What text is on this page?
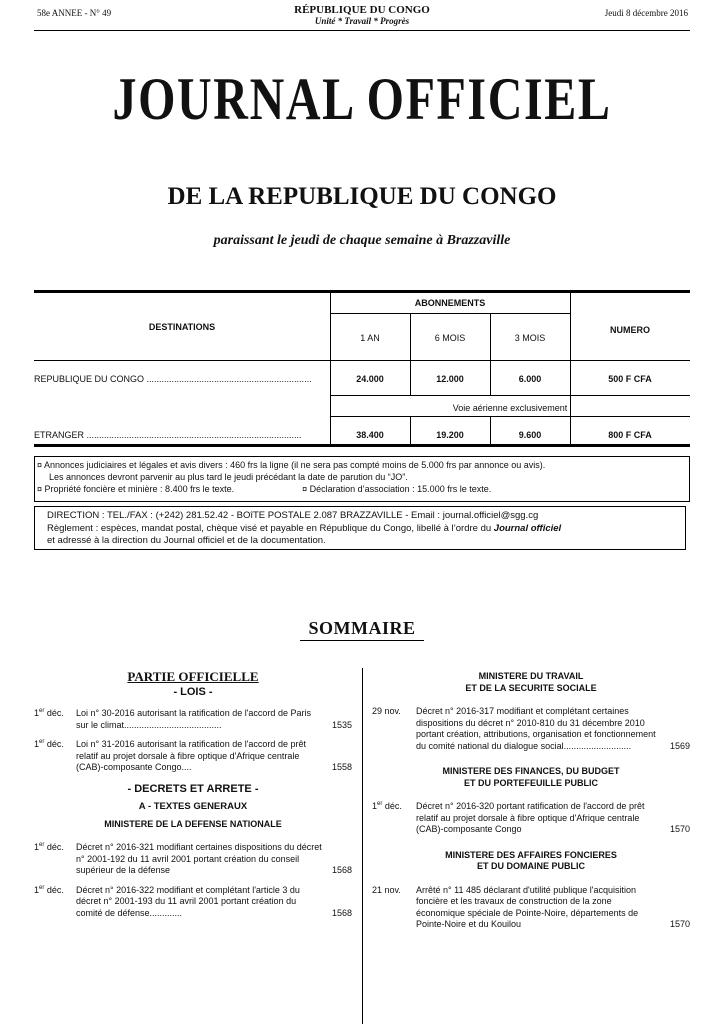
58e ANNEE - N° 49	RÉPUBLIQUE DU CONGO
Unité * Travail * Progrès
Jeudi 8 décembre 2016
JOURNAL OFFICIEL
DE LA REPUBLIQUE DU CONGO
paraissant le jeudi de chaque semaine à Brazzaville
DESTINATIONS
ABONNEMENTS
NUMERO
1 AN	6 MOIS	3 MOIS
REPUBLIQUE DU CONGO ..................................................................	24.000	12.000	6.000	500 F CFA
Voie aérienne exclusivement
ETRANGER ......................................................................................	38.400	19.200	9.600	800 F CFA
¤ Annonces judiciaires et légales et avis divers : 460 frs la ligne (il ne sera pas compté moins de 5.000 frs par annonce ou avis).
Les annonces devront parvenir au plus tard le jeudi précédant la date de parution du “JO”.
¤ Propriété foncière et minière : 8.400 frs le texte.	¤ Déclaration d’association : 15.000 frs le texte.
DIRECTION : TEL./FAX : (+242) 281.52.42 - BOîTE POSTALE 2.087 BRAZZAVILLE - Email : journal.officiel@sgg.cg
Règlement : espèces, mandat postal, chèque visé et payable en République du Congo, libellé à l’ordre du Journal officiel
et adressé à la direction du Journal officiel et de la documentation.
SOMMAIRE
PARTIE OFFICIELLE
- LOIS -
1er déc. Loi n° 30-2016 autorisant la ratification de l'accord de Paris sur le climat.......................................	1535
1er déc. Loi n° 31-2016 autorisant la ratification de l'accord de prêt relatif au projet dorsale à fibre optique d'Afrique centrale (CAB)-composante Congo....	1558
- DECRETS ET ARRETE -
A - TEXTES GENERAUX
MINISTERE DE LA DEFENSE NATIONALE
1er déc. Décret n° 2016-321 modifiant certaines dispositions du décret n° 2001-192 du 11 avril 2001 portant création du conseil supérieur de la défense	1568
1er déc. Décret n° 2016-322 modifiant et complétant l'article 3 du décret n° 2001-193 du 11 avril 2001 portant création du comité de défense.............	1568
MINISTERE DU TRAVAIL
ET DE LA SECURITE SOCIALE
29 nov. Décret n° 2016-317 modifiant et complétant certaines dispositions du décret n° 2010-810 du 31 décembre 2010 portant création, attributions, organisation et fonctionnement du comité national du dialogue social...........................	1569
MINISTERE DES FINANCES, DU BUDGET
ET DU PORTEFEUILLE PUBLIC
1er déc. Décret n° 2016-320 portant ratification de l'accord de prêt relatif au projet dorsale à fibre optique d'Afrique centrale (CAB)-composante Congo	1570
MINISTERE DES AFFAIRES FONCIERES
ET DU DOMAINE PUBLIC
21 nov. Arrêté n° 11 485 déclarant d'utilité publique l'acquisition foncière et les travaux de construction de la zone économique spéciale de Pointe-Noire, départements de Pointe-Noire et du Kouilou	1570
